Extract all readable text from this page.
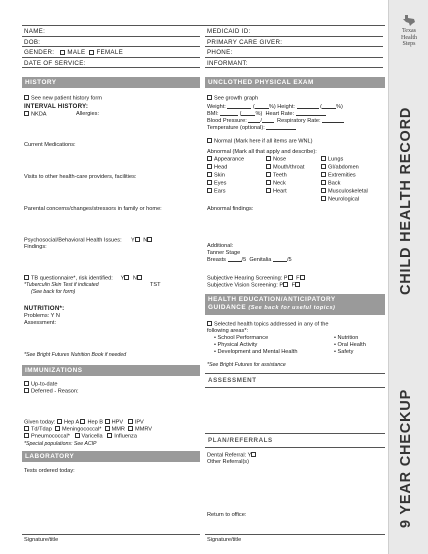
Texas
Health
Steps
CHILD HEALTH RECORD
9 YEAR CHECKUP
NAME:
DOB:
GENDER: MALE FEMALE
DATE OF SERVICE:
MEDICAID ID:
PRIMARY CARE GIVER:
PHONE:
INFORMANT:
HISTORY
See new patient history form
INTERVAL HISTORY:
NKDA	Allergies:
Current Medications:
Visits to other health-care providers, facilities:
Parental concerns/changes/stressors in family or home:
Psychosocial/Behavioral Health Issues: Y N
Findings:
TB questionnaire*, risk identified: Y N
*Tuberculin Skin Test if indicated	TST
(See back for form)
NUTRITION*:
Problems: Y N
Assessment:
*See Bright Futures Nutrition Book if needed
IMMUNIZATIONS
Up-to-date
Deferred - Reason:
Given today: Hep A Hep B HPV IPV
Td/Tdap Meningococcal* MMR MMRV
Pneumococcal* Varicella Influenza
*Special populations: See ACIP
LABORATORY
Tests ordered today:
UNCLOTHED PHYSICAL EXAM
See growth graph
Weight:	(	%) Height:	(	%)
BMI:	(	%) Heart Rate:
Blood Pressure: /	Respiratory Rate:
Temperature (optional):
Normal (Mark here if all items are WNL)
Abnormal (Mark all that apply and describe):
Appearance
Head
Skin
Eyes
Ears
Nose
Mouth/throat
Teeth
Neck
Heart
Lungs
GI/abdomen
Extremities
Back
Musculoskeletal
Neurological
Abnormal findings:
Additional:
Tanner Stage
Breasts	/5 Genitalia	/5
Subjective Hearing Screening: P F
Subjective Vision Screening: P F
HEALTH EDUCATION/ANTICIPATORY
GUIDANCE (See back for useful topics)
Selected health topics addressed in any of the
following areas*:
• School Performance
• Physical Activity
• Development and Mental Health
• Nutrition
• Oral Health
• Safety
*See Bright Futures for assistance
ASSESSMENT
PLAN/REFERRALS
Dental Referral: Y
Other Referral(s)
Return to office:
Signature/title	Signature/title
